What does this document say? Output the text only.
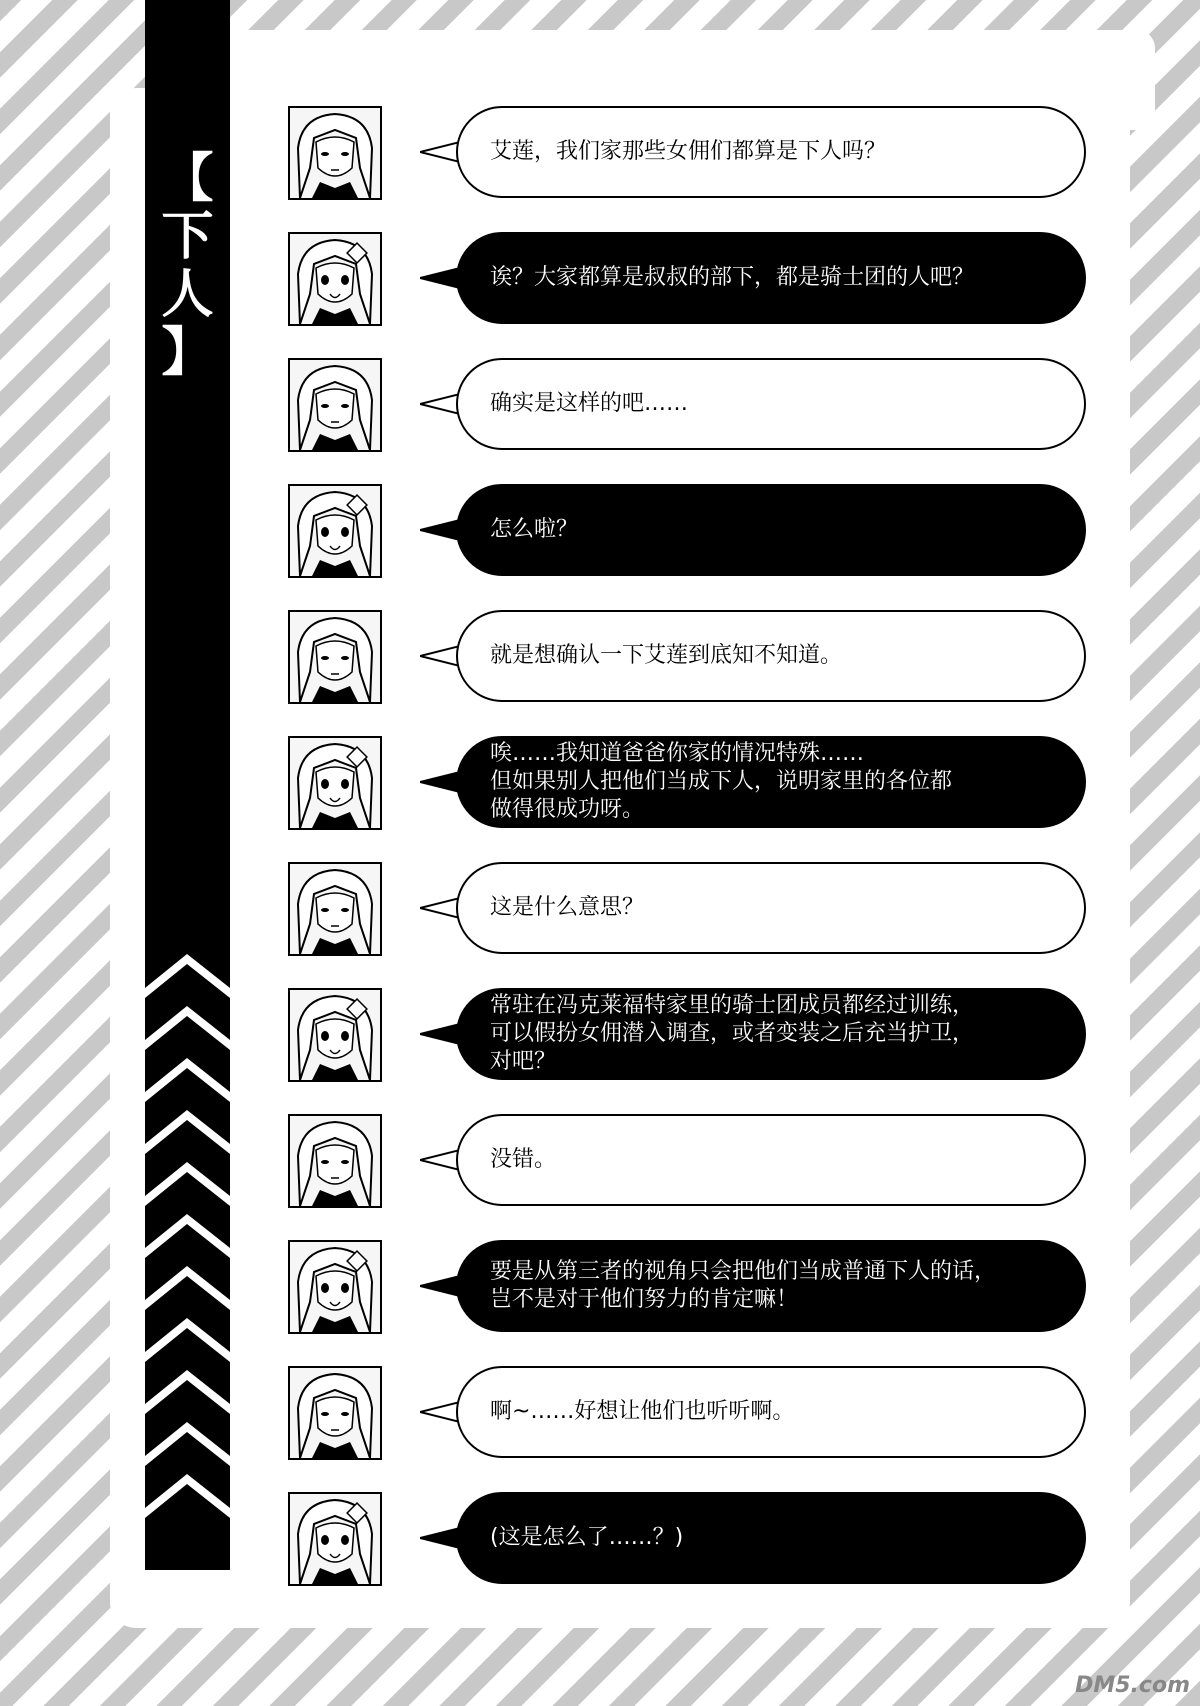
【
下
人
】
艾莲，我们家那些女佣们都算是下人吗？
诶？大家都算是叔叔的部下，都是骑士团的人吧？
确实是这样的吧……
怎么啦？
就是想确认一下艾莲到底知不知道。
唉……我知道爸爸你家的情况特殊……
但如果别人把他们当成下人，说明家里的各位都
做得很成功呀。
这是什么意思？
常驻在冯克莱福特家里的骑士团成员都经过训练，
可以假扮女佣潜入调查，或者变装之后充当护卫，
对吧？
没错。
要是从第三者的视角只会把他们当成普通下人的话，
岂不是对于他们努力的肯定嘛！
啊~……好想让他们也听听啊。
(这是怎么了……？)
DM5.com
